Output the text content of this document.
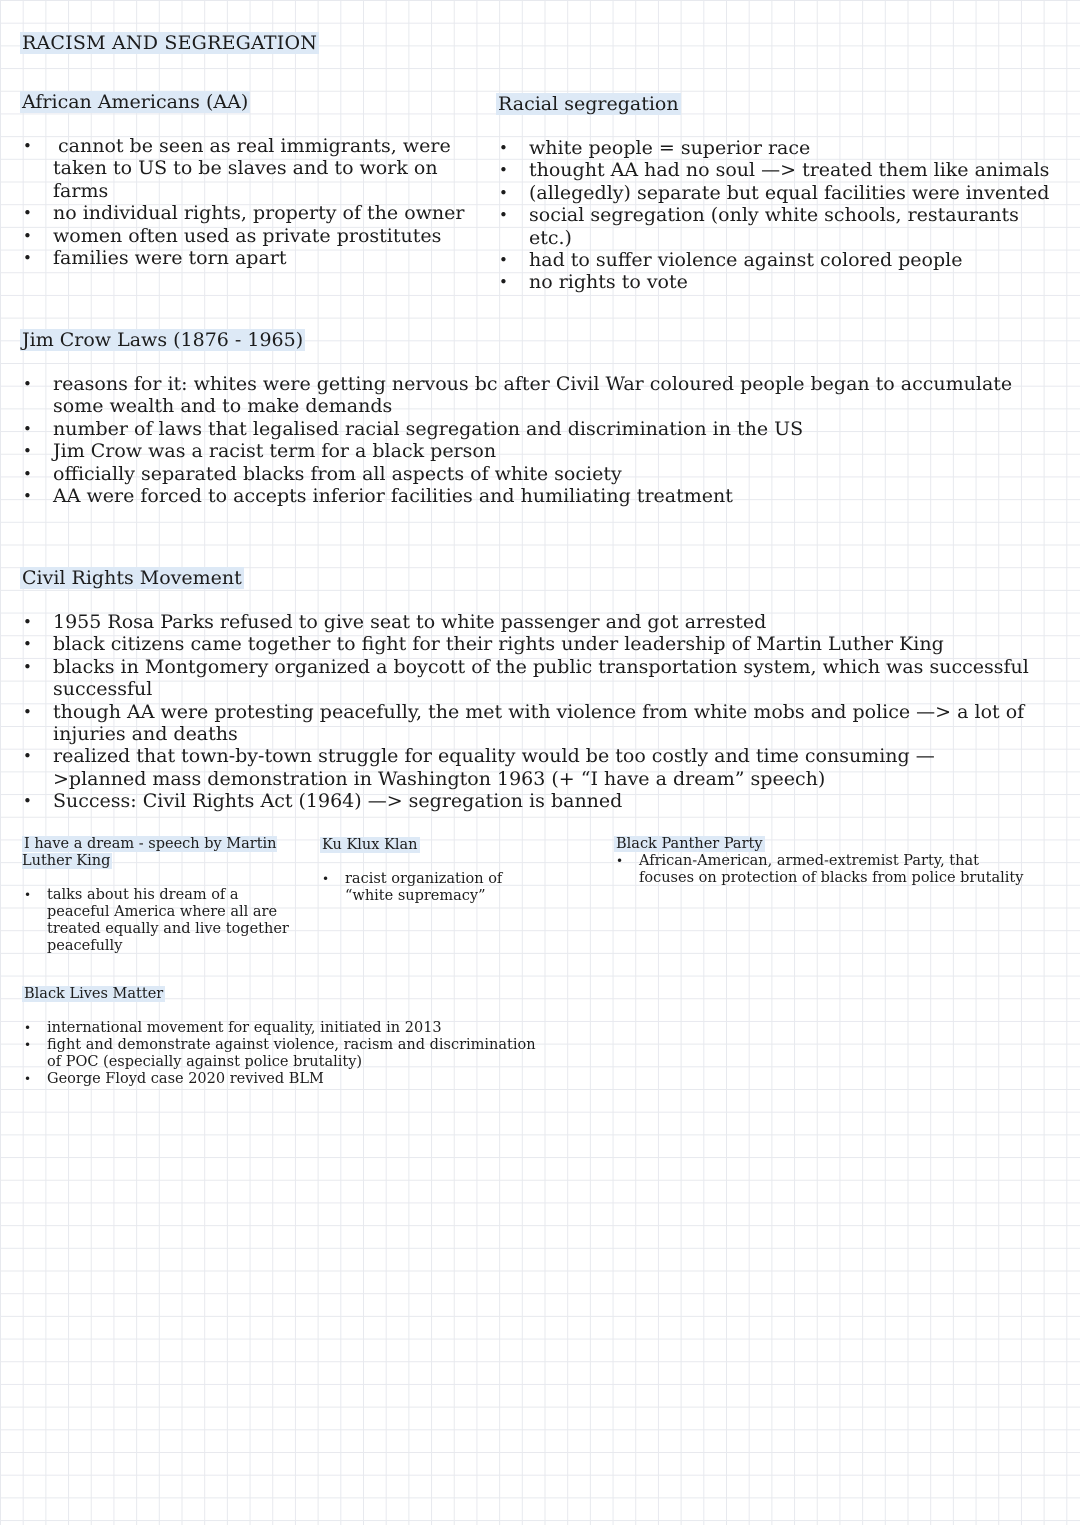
RACISM AND SEGREGATION
African Americans (AA)
• cannot be seen as real immigrants, were taken to US to be slaves and to work on farms
• no individual rights, property of the owner
• women often used as private prostitutes
• families were torn apart
Racial segregation
• white people = superior race
• thought AA had no soul —> treated them like animals
• (allegedly) separate but equal facilities were invented
• social segregation (only white schools, restaurants etc.)
• had to suffer violence against colored people
• no rights to vote
Jim Crow Laws (1876 - 1965)
• reasons for it: whites were getting nervous bc after Civil War coloured people began to accumulate some wealth and to make demands
• number of laws that legalised racial segregation and discrimination in the US
• Jim Crow was a racist term for a black person
• officially separated blacks from all aspects of white society
• AA were forced to accepts inferior facilities and humiliating treatment
Civil Rights Movement
• 1955 Rosa Parks refused to give seat to white passenger and got arrested
• black citizens came together to fight for their rights under leadership of Martin Luther King
• blacks in Montgomery organized a boycott of the public transportation system, which was successful successful
• though AA were protesting peacefully, the met with violence from white mobs and police —> a lot of injuries and deaths
• realized that town-by-town struggle for equality would be too costly and time consuming —>planned mass demonstration in Washington 1963 (+ “I have a dream” speech)
• Success: Civil Rights Act (1964) —> segregation is banned
I have a dream - speech by Martin Luther King
• talks about his dream of a peaceful America where all are treated equally and live together peacefully
Ku Klux Klan
• racist organization of “white supremacy”
Black Panther Party
• African-American, armed-extremist Party, that focuses on protection of blacks from police brutality
Black Lives Matter
• international movement for equality, initiated in 2013
• fight and demonstrate against violence, racism and discrimination of POC (especially against police brutality)
• George Floyd case 2020 revived BLM
